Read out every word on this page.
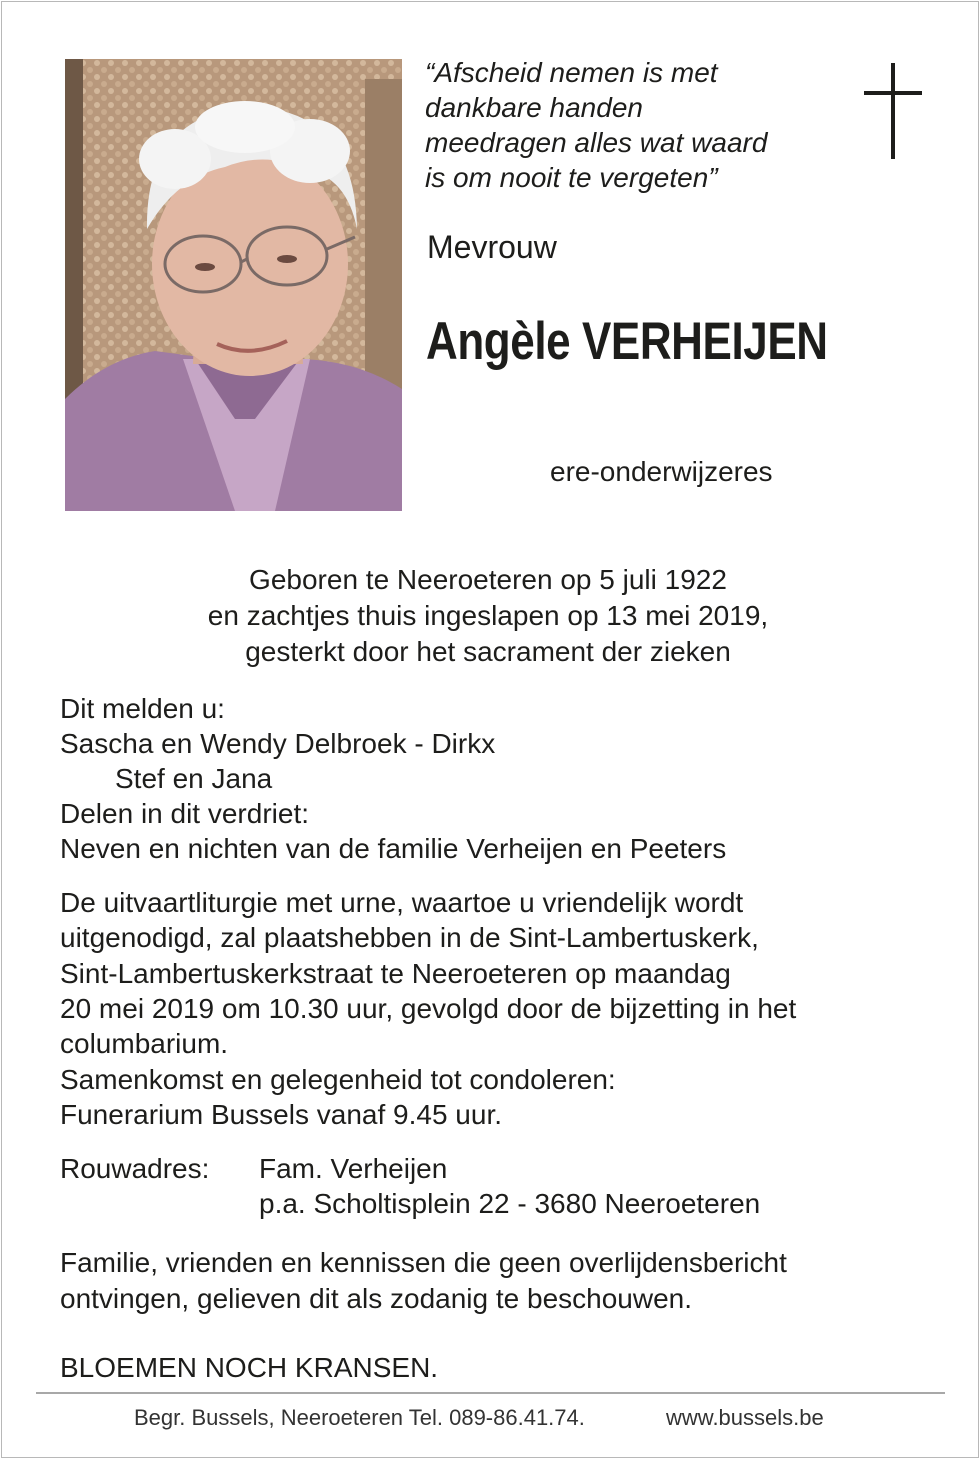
“Afscheid nemen is met
dankbare handen
meedragen alles wat waard
is om nooit te vergeten”
Mevrouw
Angèle VERHEIJEN
ere-onderwijzeres
Geboren te Neeroeteren op 5 juli 1922
en zachtjes thuis ingeslapen op 13 mei 2019,
gesterkt door het sacrament der zieken
Dit melden u:
Sascha en Wendy Delbroek - Dirkx
Stef en Jana
Delen in dit verdriet:
Neven en nichten van de familie Verheijen en Peeters
De uitvaartliturgie met urne, waartoe u vriendelijk wordt
uitgenodigd, zal plaatshebben in de Sint-Lambertuskerk,
Sint-Lambertuskerkstraat te Neeroeteren op maandag
20 mei 2019 om 10.30 uur, gevolgd door de bijzetting in het
columbarium.
Samenkomst en gelegenheid tot condoleren:
Funerarium Bussels vanaf 9.45 uur.
Rouwadres: Fam. Verheijen
p.a. Scholtisplein 22 - 3680 Neeroeteren
Familie, vrienden en kennissen die geen overlijdensbericht
ontvingen, gelieven dit als zodanig te beschouwen.
BLOEMEN NOCH KRANSEN.
Begr. Bussels, Neeroeteren Tel. 089-86.41.74.	www.bussels.be
